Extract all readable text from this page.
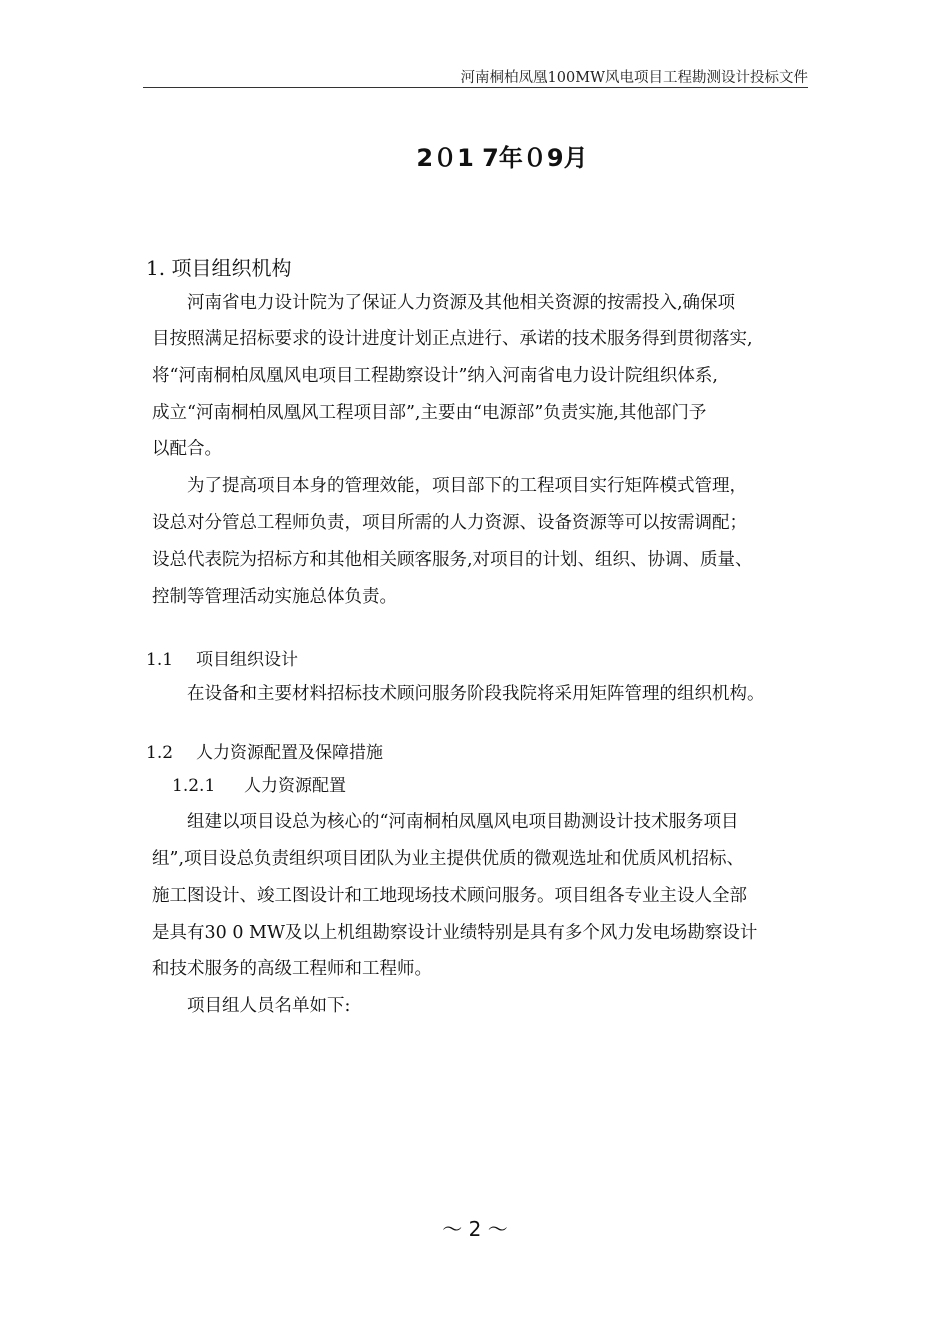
河南桐柏凤凰100MW风电项目工程勘测设计投标文件
2０1 7年０9月
1. 项目组织机构
河南省电力设计院为了保证人力资源及其他相关资源的按需投入,确保项
目按照满足招标要求的设计进度计划正点进行、承诺的技术服务得到贯彻落实,
将“河南桐柏凤凰风电项目工程勘察设计”纳入河南省电力设计院组织体系,
成立“河南桐柏凤凰风工程项目部”,主要由“电源部”负责实施,其他部门予
以配合。
为了提高项目本身的管理效能，项目部下的工程项目实行矩阵模式管理，
设总对分管总工程师负责，项目所需的人力资源、设备资源等可以按需调配；
设总代表院为招标方和其他相关顾客服务,对项目的计划、组织、协调、质量、
控制等管理活动实施总体负责。
1.1 项目组织设计
在设备和主要材料招标技术顾问服务阶段我院将采用矩阵管理的组织机构。
1.2 人力资源配置及保障措施
1.2.1 人力资源配置
组建以项目设总为核心的“河南桐柏凤凰风电项目勘测设计技术服务项目
组”,项目设总负责组织项目团队为业主提供优质的微观选址和优质风机招标、
施工图设计、竣工图设计和工地现场技术顾问服务。项目组各专业主设人全部
是具有30 0 MW及以上机组勘察设计业绩特别是具有多个风力发电场勘察设计
和技术服务的高级工程师和工程师。
项目组人员名单如下:
～ 2 ～
